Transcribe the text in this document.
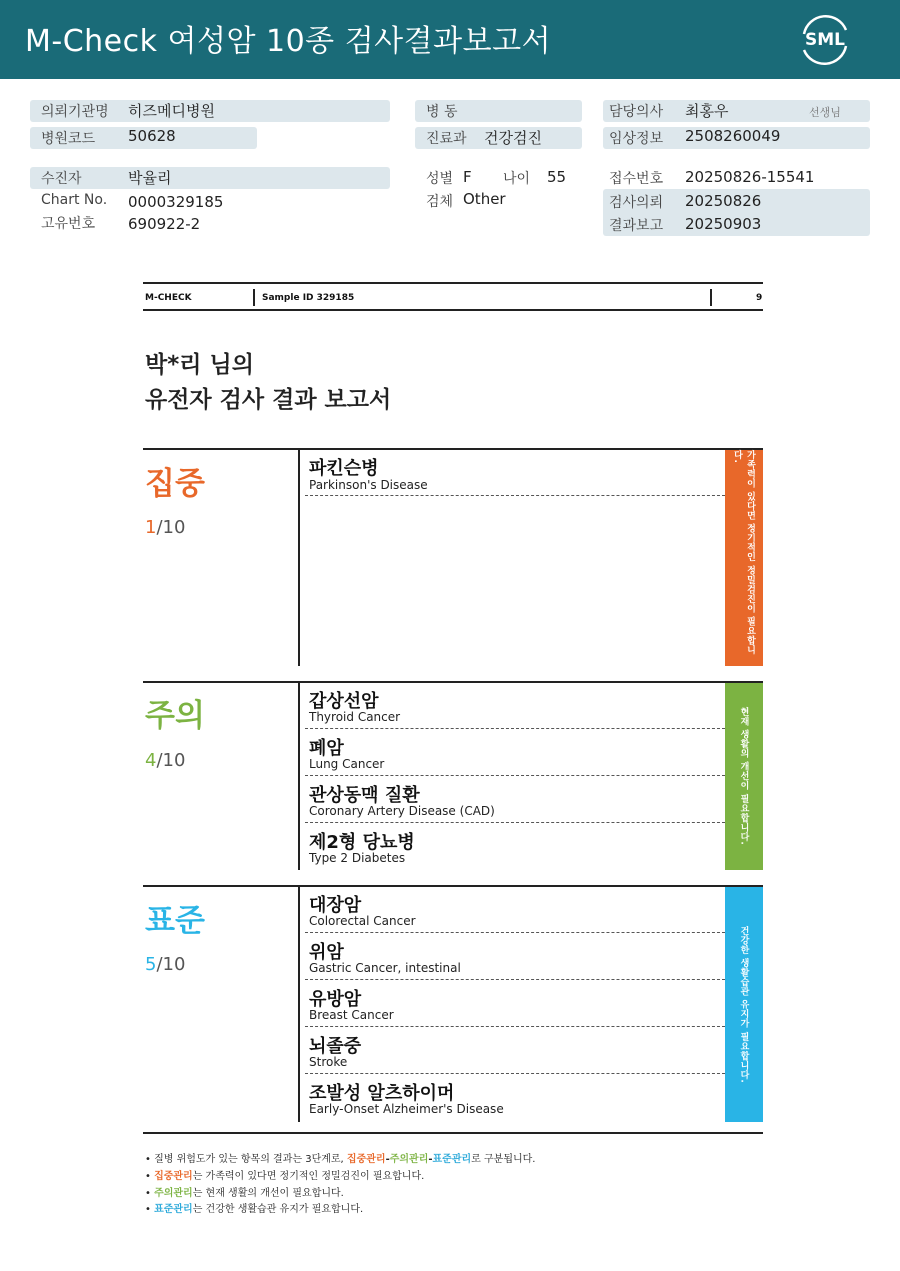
M-Check 여성암 10종 검사결과보고서	SML
의뢰기관명 히즈메디병원
병원코드 50628
병 동
진료과 건강검진
담당의사 최홍우	선생님
임상정보 2508260049
수진자	박율리
Chart No. 0000329185
고유번호 690922-2
성별 F 나이 55
검체 Other
접수번호 20250826-15541
검사의뢰 20250826
결과보고 20250903
M-CHECK	Sample ID 329185	9
박*리 님의
유전자 검사 결과 보고서
집중
1/10
파킨슨병
Parkinson's Disease	가족력이 있다면 정기적인 정밀검진이 필요합니다.
주의
4/10
갑상선암
Thyroid Cancer
폐암
Lung Cancer
관상동맥 질환
Coronary Artery Disease (CAD)
제2형 당뇨병
Type 2 Diabetes
현재 생활의 개선이 필요합니다.
표준
5/10
대장암
Colorectal Cancer
위암
Gastric Cancer, intestinal
유방암
Breast Cancer
뇌졸중
Stroke
조발성 알츠하이머
Early-Onset Alzheimer's Disease
건강한 생활습관 유지가 필요합니다.
• 질병 위험도가 있는 항목의 결과는 3단계로, 집중관리-주의관리-표준관리로 구분됩니다.
• 집중관리는 가족력이 있다면 정기적인 정밀검진이 필요합니다.
• 주의관리는 현재 생활의 개선이 필요합니다.
• 표준관리는 건강한 생활습관 유지가 필요합니다.
